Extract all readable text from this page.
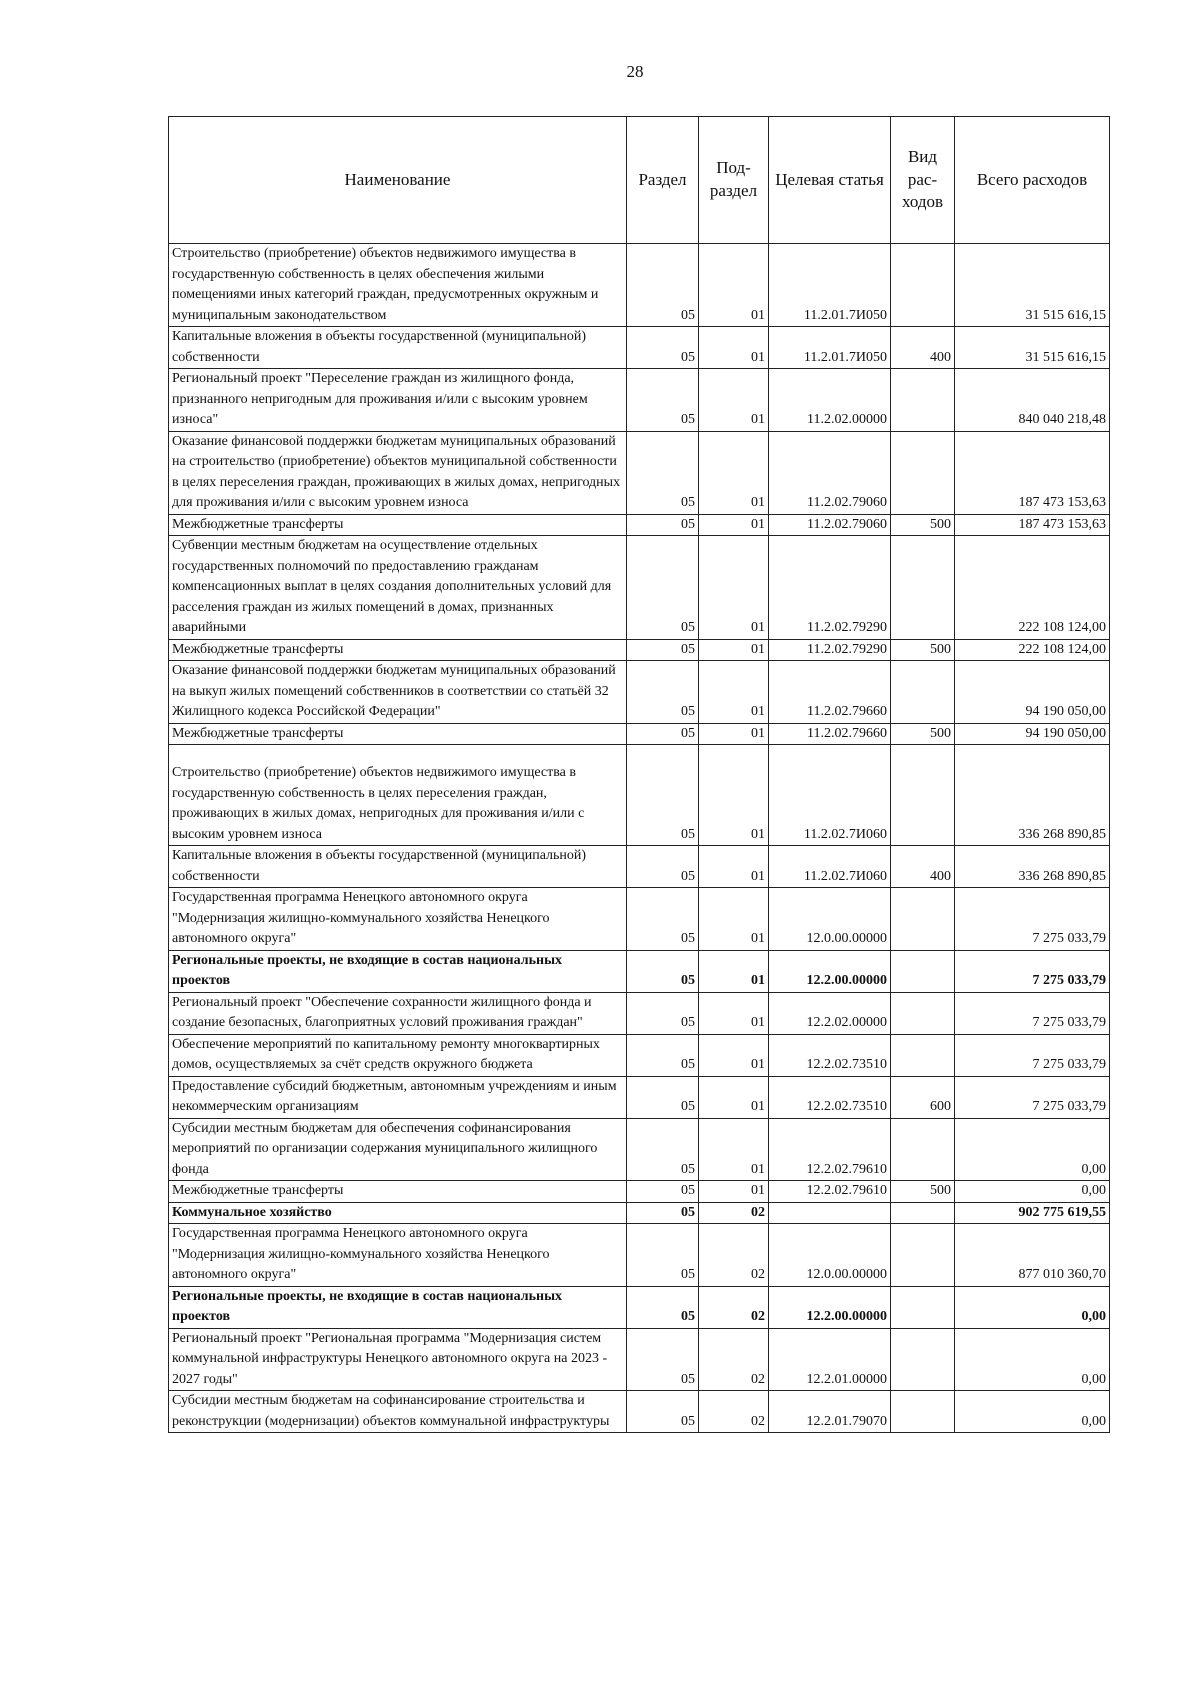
28
Наименование	Раздел	Под-раздел	Целевая статья	Вид рас-ходов	Всего расходов
Строительство (приобретение) объектов недвижимого имущества в государственную собственность в целях обеспечения жилыми помещениями иных категорий граждан, предусмотренных окружным и муниципальным законодательством	05	01	11.2.01.7И050		31 515 616,15
Капитальные вложения в объекты государственной (муниципальной) собственности	05	01	11.2.01.7И050	400	31 515 616,15
Региональный проект "Переселение граждан из жилищного фонда, признанного непригодным для проживания и/или с высоким уровнем износа"	05	01	11.2.02.00000		840 040 218,48
Оказание финансовой поддержки бюджетам муниципальных образований на строительство (приобретение) объектов муниципальной собственности в целях переселения граждан, проживающих в жилых домах, непригодных для проживания и/или с высоким уровнем износа	05	01	11.2.02.79060		187 473 153,63
Межбюджетные трансферты	05	01	11.2.02.79060	500	187 473 153,63
Субвенции местным бюджетам на осуществление отдельных государственных полномочий по предоставлению гражданам компенсационных выплат в целях создания дополнительных условий для расселения граждан из жилых помещений в домах, признанных аварийными	05	01	11.2.02.79290		222 108 124,00
Межбюджетные трансферты	05	01	11.2.02.79290	500	222 108 124,00
Оказание финансовой поддержки бюджетам муниципальных образований на выкуп жилых помещений собственников в соответствии со статьёй 32 Жилищного кодекса Российской Федерации"	05	01	11.2.02.79660		94 190 050,00
Межбюджетные трансферты	05	01	11.2.02.79660	500	94 190 050,00
Строительство (приобретение) объектов недвижимого имущества в государственную собственность в целях переселения граждан, проживающих в жилых домах, непригодных для проживания и/или с высоким уровнем износа	05	01	11.2.02.7И060		336 268 890,85
Капитальные вложения в объекты государственной (муниципальной) собственности	05	01	11.2.02.7И060	400	336 268 890,85
Государственная программа Ненецкого автономного округа "Модернизация жилищно-коммунального хозяйства Ненецкого автономного округа"	05	01	12.0.00.00000		7 275 033,79
Региональные проекты, не входящие в состав национальных проектов	05	01	12.2.00.00000		7 275 033,79
Региональный проект "Обеспечение сохранности жилищного фонда и создание безопасных, благоприятных условий проживания граждан"	05	01	12.2.02.00000		7 275 033,79
Обеспечение мероприятий по капитальному ремонту многоквартирных домов, осуществляемых за счёт средств окружного бюджета	05	01	12.2.02.73510		7 275 033,79
Предоставление субсидий бюджетным, автономным учреждениям и иным некоммерческим организациям	05	01	12.2.02.73510	600	7 275 033,79
Субсидии местным бюджетам для обеспечения софинансирования мероприятий по организации содержания муниципального жилищного фонда	05	01	12.2.02.79610		0,00
Межбюджетные трансферты	05	01	12.2.02.79610	500	0,00
Коммунальное хозяйство	05	02			902 775 619,55
Государственная программа Ненецкого автономного округа "Модернизация жилищно-коммунального хозяйства Ненецкого автономного округа"	05	02	12.0.00.00000		877 010 360,70
Региональные проекты, не входящие в состав национальных проектов	05	02	12.2.00.00000		0,00
Региональный проект "Региональная программа "Модернизация систем коммунальной инфраструктуры Ненецкого автономного округа на 2023 - 2027 годы"	05	02	12.2.01.00000		0,00
Субсидии местным бюджетам на софинансирование строительства и реконструкции (модернизации) объектов коммунальной инфраструктуры	05	02	12.2.01.79070		0,00
